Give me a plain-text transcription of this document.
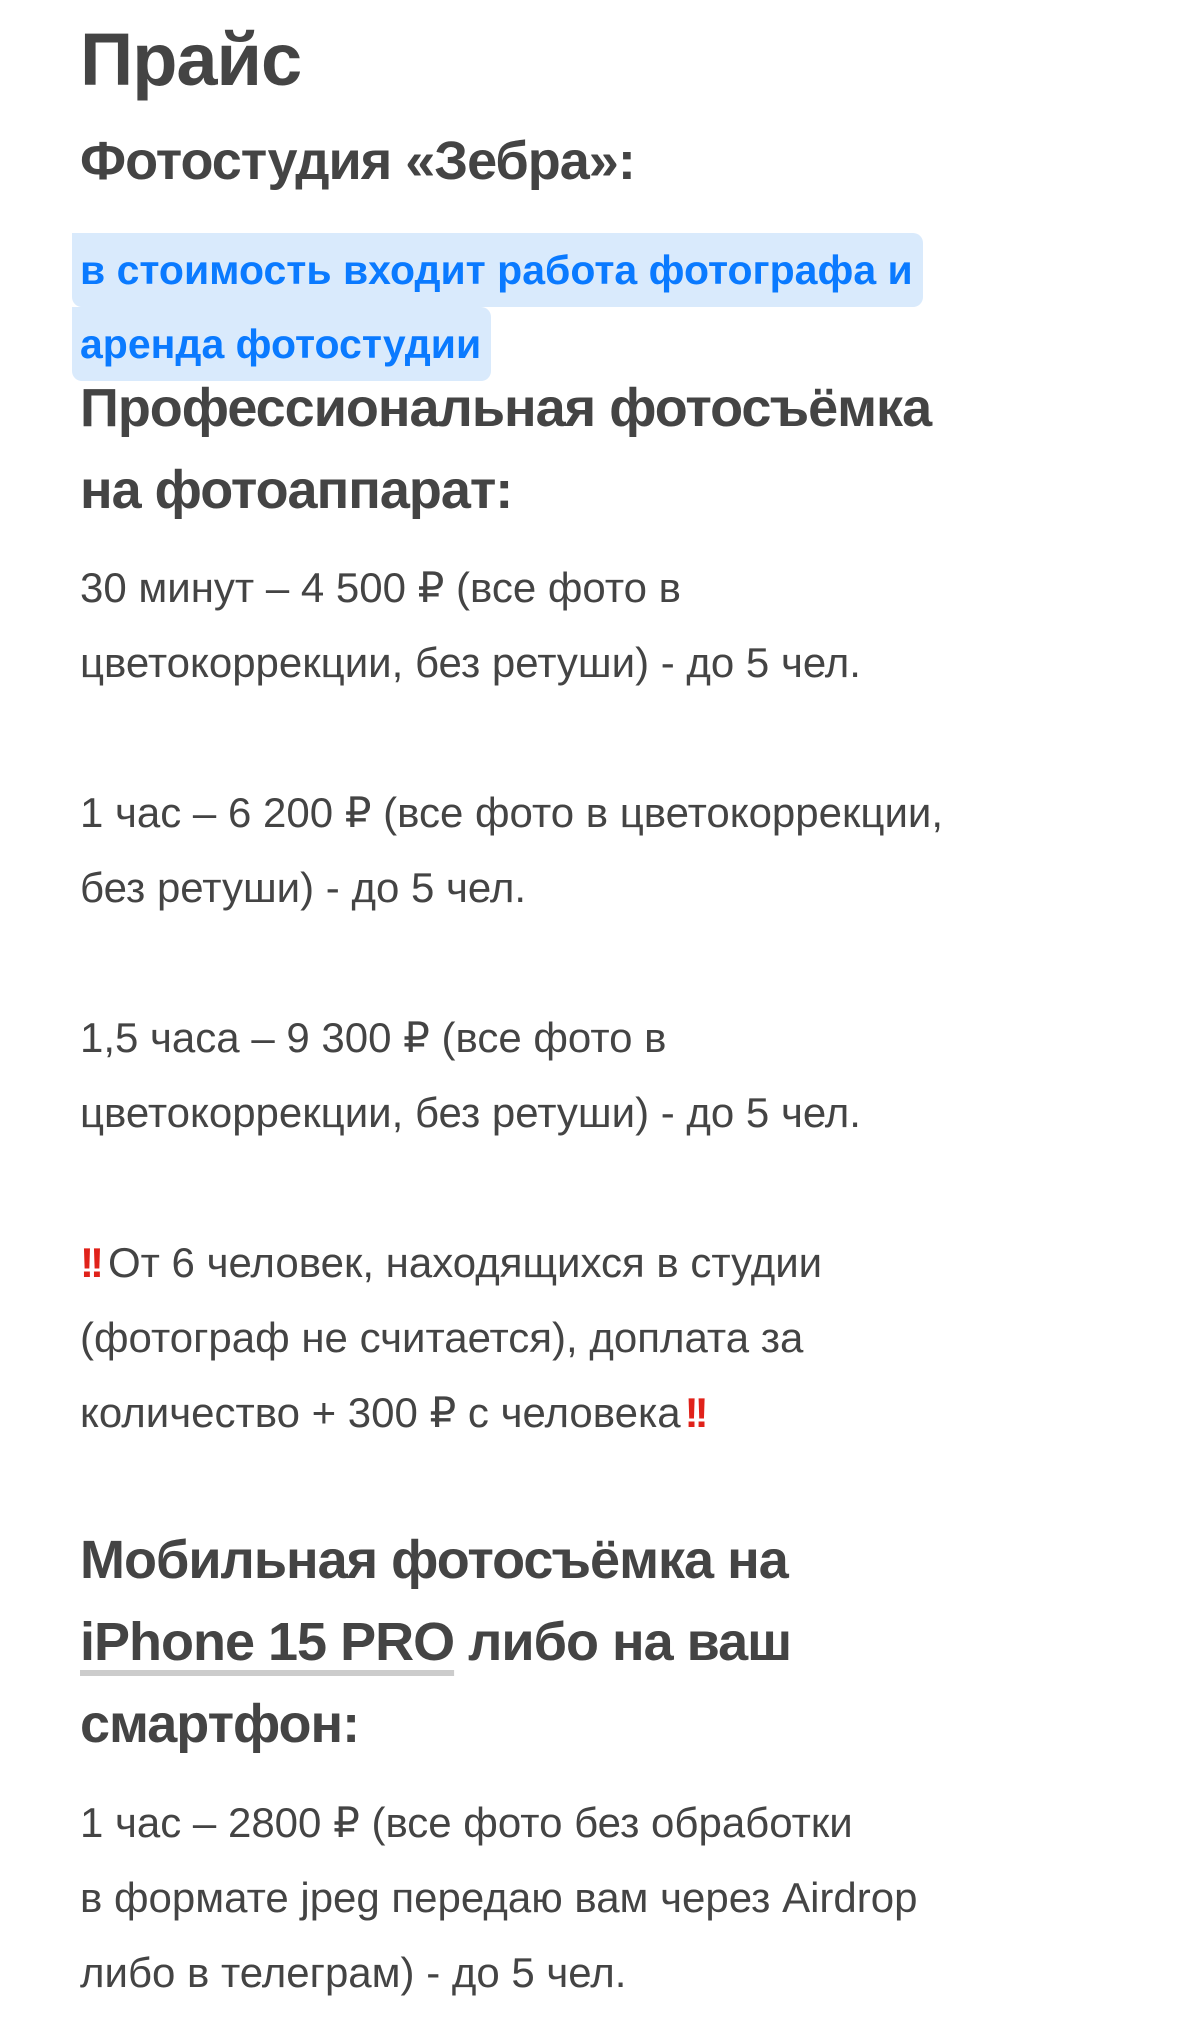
Прайс
Фотостудия «Зебра»:
в стоимость входит работа фотографа и
аренда фотостудии
Профессиональная фотосъёмка
на фотоаппарат:
30 минут – 4 500 ₽ (все фото в
цветокоррекции, без ретуши) - до 5 чел.
1 час – 6 200 ₽ (все фото в цветокоррекции,
без ретуши) - до 5 чел.
1,5 часа – 9 300 ₽ (все фото в
цветокоррекции, без ретуши) - до 5 чел.
!! От 6 человек, находящихся в студии
(фотограф не считается), доплата за
количество + 300 ₽ с человека!!
Мобильная фотосъёмка на
iPhone 15 PRO либо на ваш
смартфон:
1 час – 2800 ₽ (все фото без обработки
в формате jpeg передаю вам через Airdrop
либо в телеграм) - до 5 чел.
